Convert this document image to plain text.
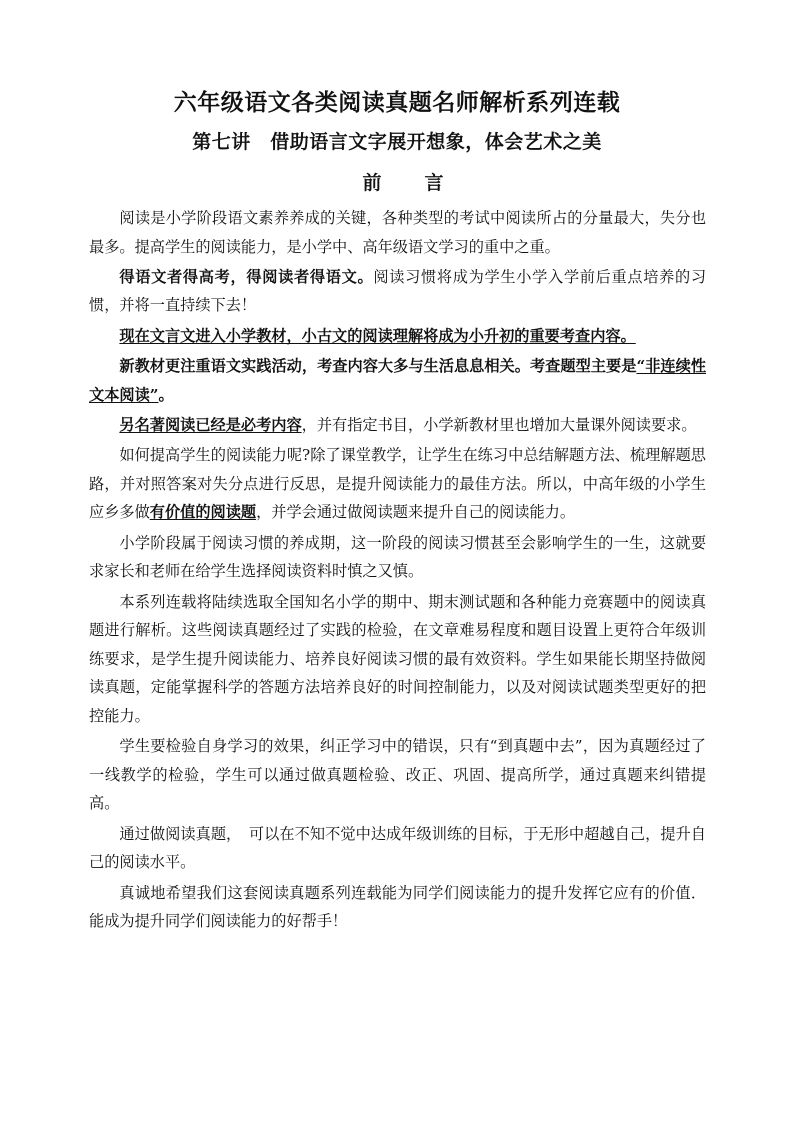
六年级语文各类阅读真题名师解析系列连载
第七讲　借助语言文字展开想象，体会艺术之美
前　言

阅读是小学阶段语文素养养成的关键，各种类型的考试中阅读所占的分量最大，失分也最多。提高学生的阅读能力，是小学中、高年级语文学习的重中之重。

得语文者得高考，得阅读者得语文。阅读习惯将成为学生小学入学前后重点培养的习惯，并将一直持续下去！

现在文言文进入小学教材，小古文的阅读理解将成为小升初的重要考查内容。

新教材更注重语文实践活动，考查内容大多与生活息息相关。考查题型主要是“非连续性文本阅读”。

另名著阅读已经是必考内容，并有指定书目，小学新教材里也增加大量课外阅读要求。

如何提高学生的阅读能力呢?除了课堂教学，让学生在练习中总结解题方法、梳理解题思路，并对照答案对失分点进行反思，是提升阅读能力的最佳方法。所以，中高年级的小学生应乡多做有价值的阅读题，并学会通过做阅读题来提升自己的阅读能力。

小学阶段属于阅读习惯的养成期，这一阶段的阅读习惯甚至会影响学生的一生，这就要求家长和老师在给学生选择阅读资料时慎之又慎。

本系列连载将陆续选取全国知名小学的期中、期末测试题和各种能力竞赛题中的阅读真题进行解析。这些阅读真题经过了实践的检验，在文章难易程度和题目设置上更符合年级训练要求，是学生提升阅读能力、培养良好阅读习惯的最有效资料。学生如果能长期坚持做阅读真题，定能掌握科学的答题方法培养良好的时间控制能力，以及对阅读试题类型更好的把控能力。

学生要检验自身学习的效果，纠正学习中的错误，只有“到真题中去”，因为真题经过了一线教学的检验，学生可以通过做真题检验、改正、巩固、提高所学，通过真题来纠错提高。

通过做阅读真题，　可以在不知不觉中达成年级训练的目标，于无形中超越自己，提升自己的阅读水平。

真诚地希望我们这套阅读真题系列连载能为同学们阅读能力的提升发挥它应有的价值．能成为提升同学们阅读能力的好帮手！
